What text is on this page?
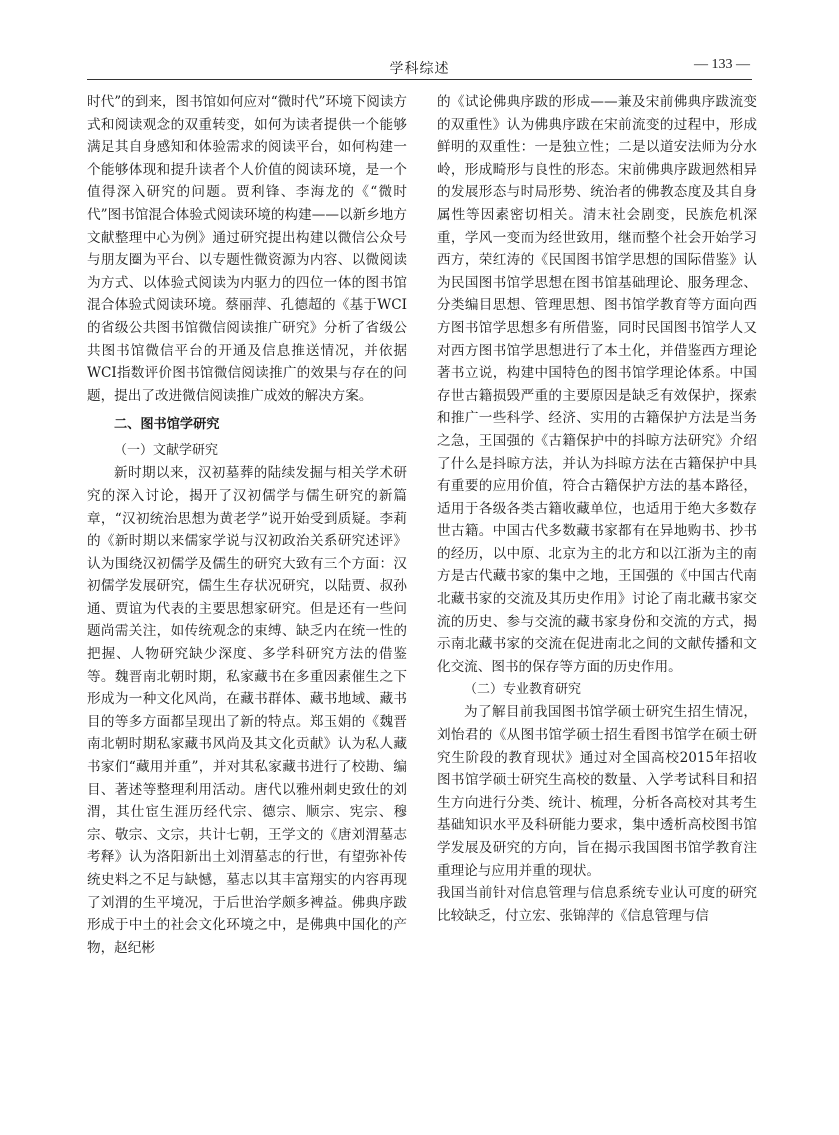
学科综述	— 133 —

时代”的到来，图书馆如何应对“微时代”环境下阅读方式和阅读观念的双重转变，如何为读者提供一个能够满足其自身感知和体验需求的阅读平台，如何构建一个能够体现和提升读者个人价值的阅读环境，是一个值得深入研究的问题。贾利锋、李海龙的《“微时代”图书馆混合体验式阅读环境的构建——以新乡地方文献整理中心为例》通过研究提出构建以微信公众号与朋友圈为平台、以专题性微资源为内容、以微阅读为方式、以体验式阅读为内驱力的四位一体的图书馆混合体验式阅读环境。蔡丽萍、孔德超的《基于WCI的省级公共图书馆微信阅读推广研究》分析了省级公共图书馆微信平台的开通及信息推送情况，并依据WCI指数评价图书馆微信阅读推广的效果与存在的问题，提出了改进微信阅读推广成效的解决方案。

二、图书馆学研究
（一）文献学研究

新时期以来，汉初墓葬的陆续发掘与相关学术研究的深入讨论，揭开了汉初儒学与儒生研究的新篇章，“汉初统治思想为黄老学”说开始受到质疑。李莉的《新时期以来儒家学说与汉初政治关系研究述评》认为围绕汉初儒学及儒生的研究大致有三个方面：汉初儒学发展研究，儒生生存状况研究，以陆贾、叔孙通、贾谊为代表的主要思想家研究。但是还有一些问题尚需关注，如传统观念的束缚、缺乏内在统一性的把握、人物研究缺少深度、多学科研究方法的借鉴等。魏晋南北朝时期，私家藏书在多重因素催生之下形成为一种文化风尚，在藏书群体、藏书地域、藏书目的等多方面都呈现出了新的特点。郑玉娟的《魏晋南北朝时期私家藏书风尚及其文化贡献》认为私人藏书家们“藏用并重”，并对其私家藏书进行了校勘、编目、著述等整理利用活动。唐代以雅州刺史致仕的刘渭，其仕宦生涯历经代宗、德宗、顺宗、宪宗、穆宗、敬宗、文宗，共计七朝，王学文的《唐刘渭墓志考释》认为洛阳新出土刘渭墓志的行世，有望弥补传统史料之不足与缺憾，墓志以其丰富翔实的内容再现了刘渭的生平境况，于后世治学颇多裨益。佛典序跋形成于中土的社会文化环境之中，是佛典中国化的产物，赵纪彬

的《试论佛典序跋的形成——兼及宋前佛典序跋流变的双重性》认为佛典序跋在宋前流变的过程中，形成鲜明的双重性：一是独立性；二是以道安法师为分水岭，形成畸形与良性的形态。宋前佛典序跋迥然相异的发展形态与时局形势、统治者的佛教态度及其自身属性等因素密切相关。清末社会剧变，民族危机深重，学风一变而为经世致用，继而整个社会开始学习西方，荣红涛的《民国图书馆学思想的国际借鉴》认为民国图书馆学思想在图书馆基础理论、服务理念、分类编目思想、管理思想、图书馆学教育等方面向西方图书馆学思想多有所借鉴，同时民国图书馆学人又对西方图书馆学思想进行了本土化，并借鉴西方理论著书立说，构建中国特色的图书馆学理论体系。中国存世古籍损毁严重的主要原因是缺乏有效保护，探索和推广一些科学、经济、实用的古籍保护方法是当务之急，王国强的《古籍保护中的抖晾方法研究》介绍了什么是抖晾方法，并认为抖晾方法在古籍保护中具有重要的应用价值，符合古籍保护方法的基本路径，适用于各级各类古籍收藏单位，也适用于绝大多数存世古籍。中国古代多数藏书家都有在异地购书、抄书的经历，以中原、北京为主的北方和以江浙为主的南方是古代藏书家的集中之地，王国强的《中国古代南北藏书家的交流及其历史作用》讨论了南北藏书家交流的历史、参与交流的藏书家身份和交流的方式，揭示南北藏书家的交流在促进南北之间的文献传播和文化交流、图书的保存等方面的历史作用。

（二）专业教育研究

为了解目前我国图书馆学硕士研究生招生情况，刘怡君的《从图书馆学硕士招生看图书馆学在硕士研究生阶段的教育现状》通过对全国高校2015年招收图书馆学硕士研究生高校的数量、入学考试科目和招生方向进行分类、统计、梳理，分析各高校对其考生基础知识水平及科研能力要求，集中透析高校图书馆学发展及研究的方向，旨在揭示我国图书馆学教育注重理论与应用并重的现状。

我国当前针对信息管理与信息系统专业认可度的研究比较缺乏，付立宏、张锦萍的《信息管理与信
